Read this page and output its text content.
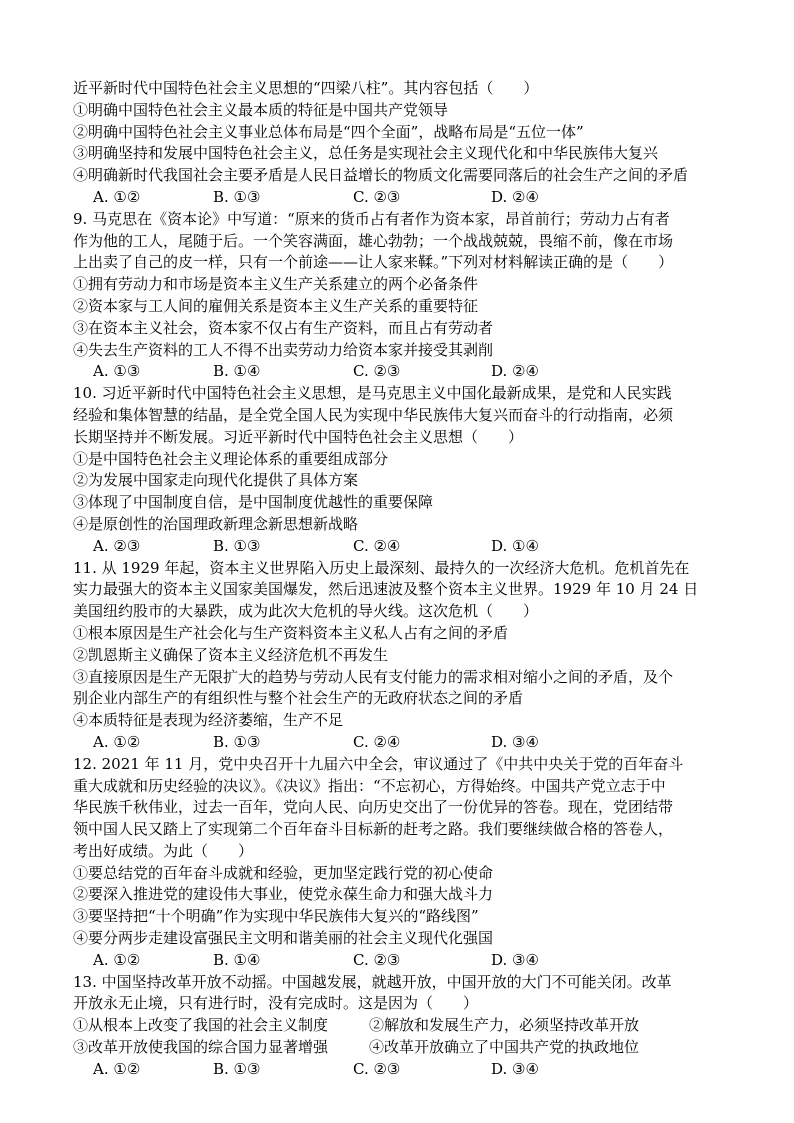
近平新时代中国特色社会主义思想的“四梁八柱”。其内容包括（　　）
①明确中国特色社会主义最本质的特征是中国共产党领导
②明确中国特色社会主义事业总体布局是“四个全面”，战略布局是“五位一体”
③明确坚持和发展中国特色社会主义，总任务是实现社会主义现代化和中华民族伟大复兴
④明确新时代我国社会主要矛盾是人民日益增长的物质文化需要同落后的社会生产之间的矛盾
A. ①②	B. ①③	C. ②③	D. ②④
9. 马克思在《资本论》中写道：“原来的货币占有者作为资本家，昂首前行；劳动力占有者
作为他的工人，尾随于后。一个笑容满面，雄心勃勃；一个战战兢兢，畏缩不前，像在市场
上出卖了自己的皮一样，只有一个前途——让人家来鞣。”下列对材料解读正确的是（　　）
①拥有劳动力和市场是资本主义生产关系建立的两个必备条件
②资本家与工人间的雇佣关系是资本主义生产关系的重要特征
③在资本主义社会，资本家不仅占有生产资料，而且占有劳动者
④失去生产资料的工人不得不出卖劳动力给资本家并接受其剥削
A. ①③	B. ①④	C. ②③	D. ②④
10. 习近平新时代中国特色社会主义思想，是马克思主义中国化最新成果，是党和人民实践
经验和集体智慧的结晶，是全党全国人民为实现中华民族伟大复兴而奋斗的行动指南，必须
长期坚持并不断发展。习近平新时代中国特色社会主义思想（　　）
①是中国特色社会主义理论体系的重要组成部分
②为发展中国家走向现代化提供了具体方案
③体现了中国制度自信，是中国制度优越性的重要保障
④是原创性的治国理政新理念新思想新战略
A. ②③	B. ①③	C. ②④	D. ①④
11. 从 1929 年起，资本主义世界陷入历史上最深刻、最持久的一次经济大危机。危机首先在
实力最强大的资本主义国家美国爆发，然后迅速波及整个资本主义世界。1929 年 10 月 24 日
美国纽约股市的大暴跌，成为此次大危机的导火线。这次危机（　　）
①根本原因是生产社会化与生产资料资本主义私人占有之间的矛盾
②凯恩斯主义确保了资本主义经济危机不再发生
③直接原因是生产无限扩大的趋势与劳动人民有支付能力的需求相对缩小之间的矛盾，及个
别企业内部生产的有组织性与整个社会生产的无政府状态之间的矛盾
④本质特征是表现为经济萎缩，生产不足
A. ①②	B. ①③	C. ②④	D. ③④
12. 2021 年 11 月，党中央召开十九届六中全会，审议通过了《中共中央关于党的百年奋斗
重大成就和历史经验的决议》。《决议》指出：“不忘初心，方得始终。中国共产党立志于中
华民族千秋伟业，过去一百年，党向人民、向历史交出了一份优异的答卷。现在，党团结带
领中国人民又踏上了实现第二个百年奋斗目标新的赶考之路。我们要继续做合格的答卷人，
考出好成绩。为此（　　）
①要总结党的百年奋斗成就和经验，更加坚定践行党的初心使命
②要深入推进党的建设伟大事业，使党永葆生命力和强大战斗力
③要坚持把“十个明确”作为实现中华民族伟大复兴的“路线图”
④要分两步走建设富强民主文明和谐美丽的社会主义现代化强国
A. ①②	B. ①④	C. ②③	D. ③④
13. 中国坚持改革开放不动摇。中国越发展，就越开放，中国开放的大门不可能关闭。改革
开放永无止境，只有进行时，没有完成时。这是因为（　　）
①从根本上改变了我国的社会主义制度	②解放和发展生产力，必须坚持改革开放
③改革开放使我国的综合国力显著增强	④改革开放确立了中国共产党的执政地位
A. ①②	B. ①③	C. ②③	D. ③④
